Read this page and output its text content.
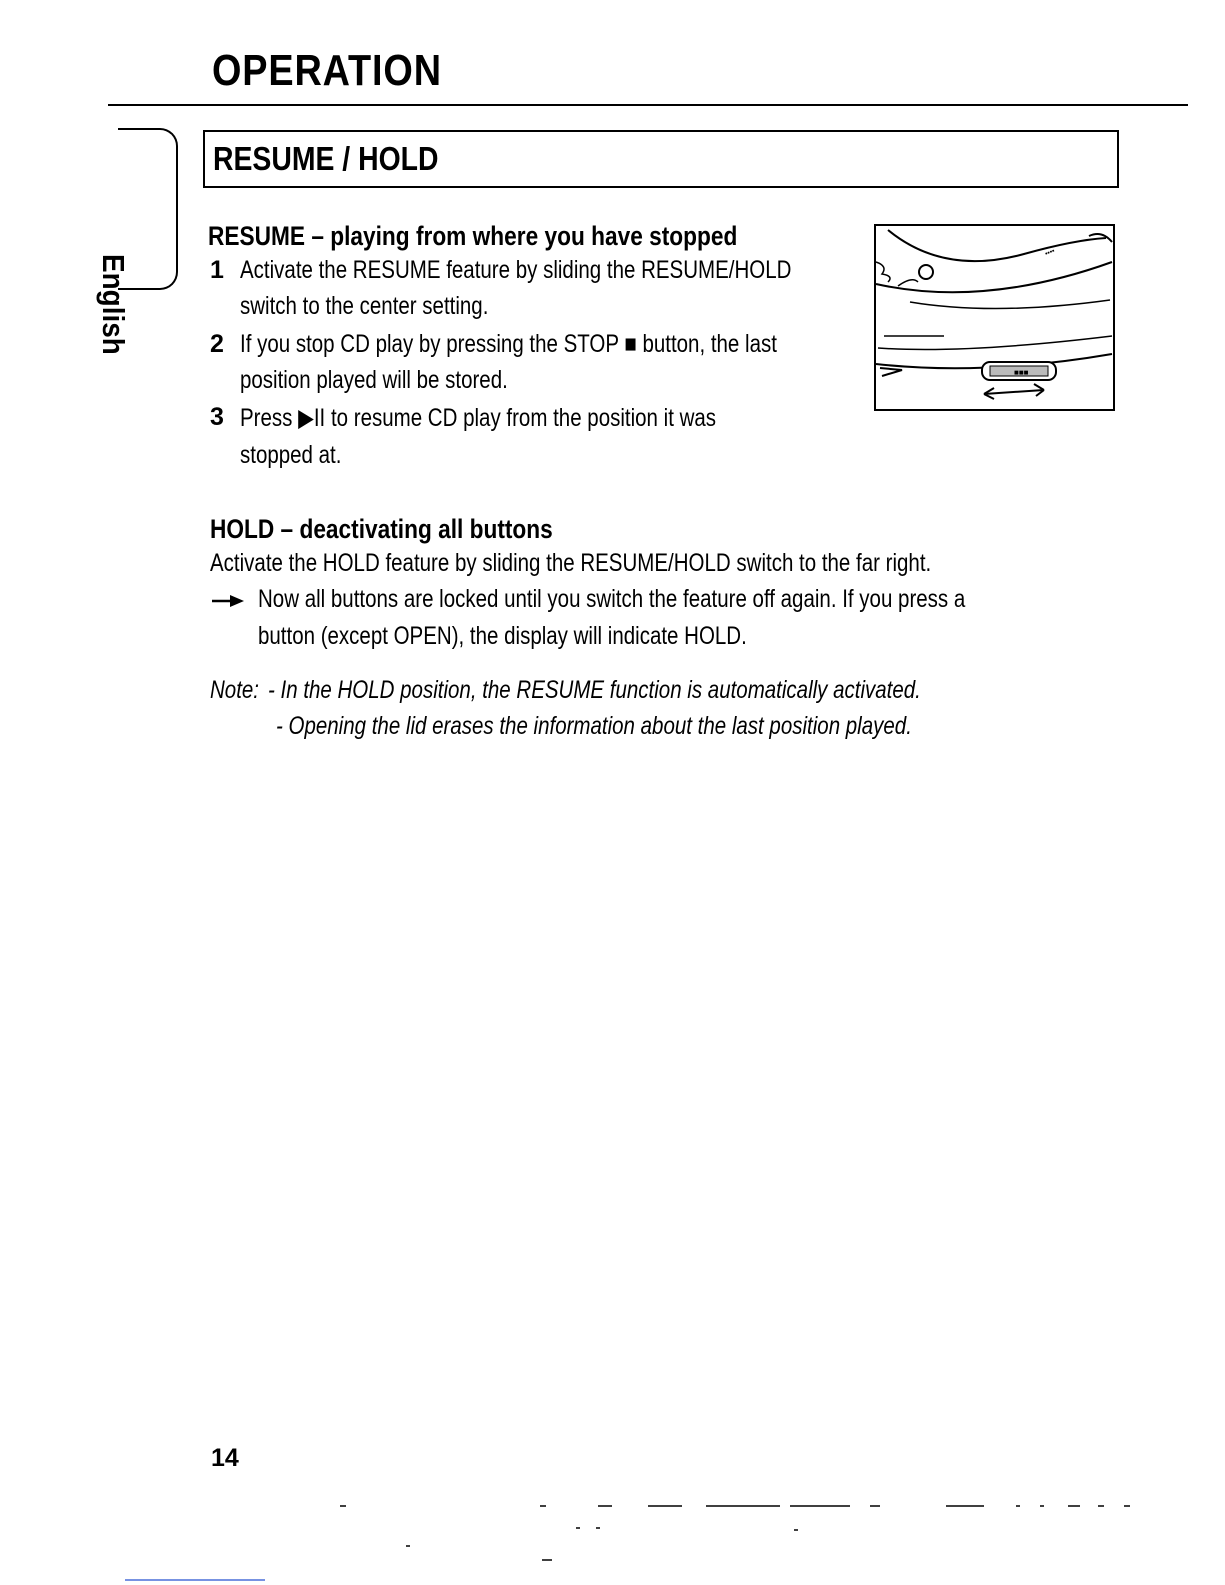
OPERATION
English
RESUME / HOLD
RESUME – playing from where you have stopped
1 Activate the RESUME feature by sliding the RESUME/HOLD
switch to the center setting.
2 If you stop CD play by pressing the STOP ■ button, the last
position played will be stored.
3 Press ▶II to resume CD play from the position it was
stopped at.
■■■
▪▪▪▪
HOLD – deactivating all buttons
Activate the HOLD feature by sliding the RESUME/HOLD switch to the far right.
Now all buttons are locked until you switch the feature off again. If you press a
button (except OPEN), the display will indicate HOLD.
Note: - In the HOLD position, the RESUME function is automatically activated.
- Opening the lid erases the information about the last position played.
14
